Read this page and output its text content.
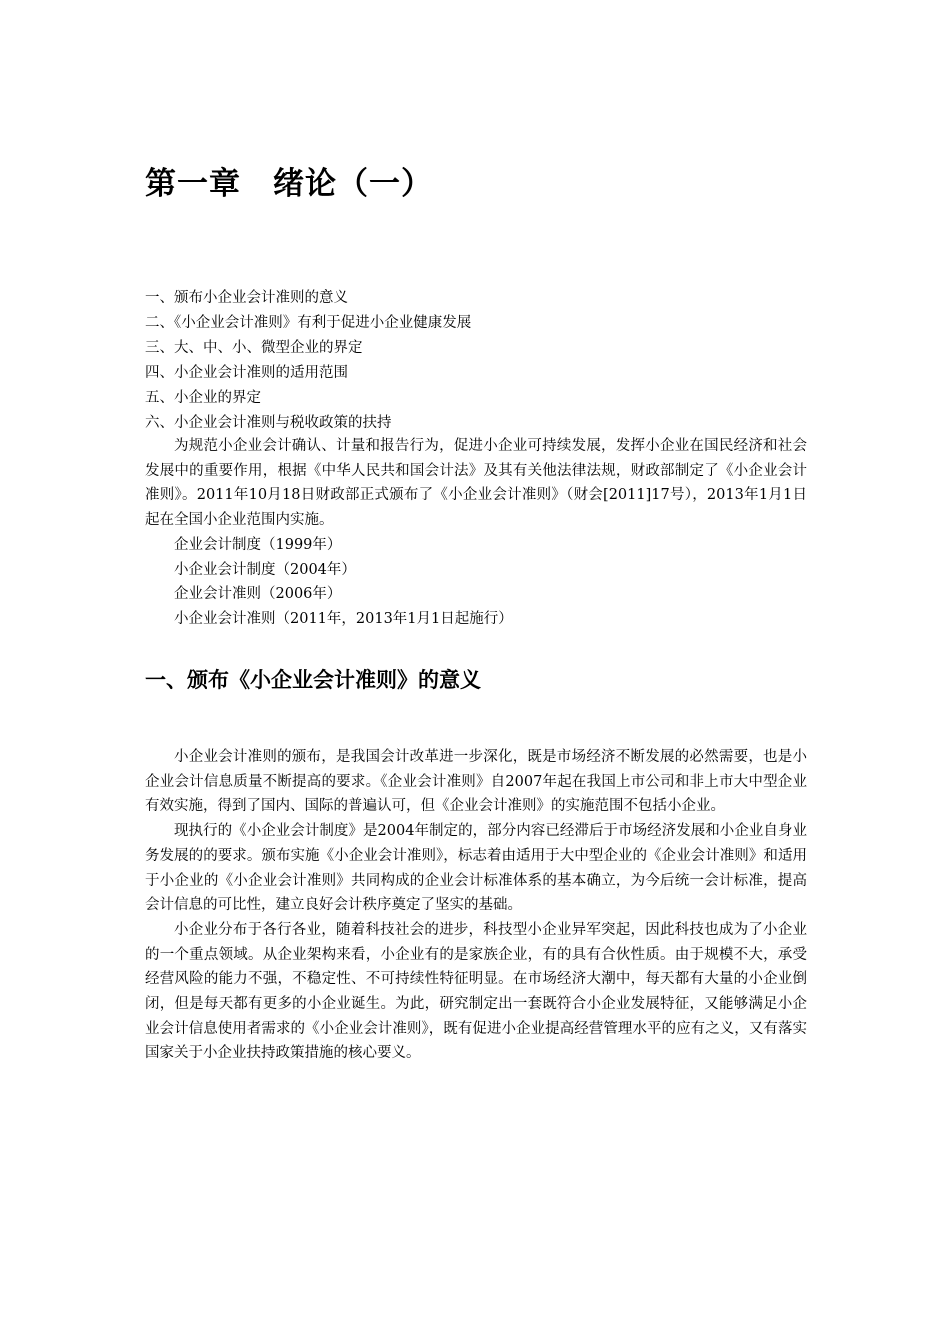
第一章　绪论（一）
一、颁布小企业会计准则的意义
二、《小企业会计准则》有利于促进小企业健康发展
三、大、中、小、微型企业的界定
四、小企业会计准则的适用范围
五、小企业的界定
六、小企业会计准则与税收政策的扶持

为规范小企业会计确认、计量和报告行为，促进小企业可持续发展，发挥小企业在国民经济和社会发展中的重要作用，根据《中华人民共和国会计法》及其有关他法律法规，财政部制定了《小企业会计准则》。2011年10月18日财政部正式颁布了《小企业会计准则》（财会[2011]17号），2013年1月1日起在全国小企业范围内实施。

企业会计制度（1999年）
小企业会计制度（2004年）
企业会计准则（2006年）
小企业会计准则（2011年，2013年1月1日起施行）
一、颁布《小企业会计准则》的意义

小企业会计准则的颁布，是我国会计改革进一步深化，既是市场经济不断发展的必然需要，也是小企业会计信息质量不断提高的要求。《企业会计准则》自2007年起在我国上市公司和非上市大中型企业有效实施，得到了国内、国际的普遍认可，但《企业会计准则》的实施范围不包括小企业。

现执行的《小企业会计制度》是2004年制定的，部分内容已经滞后于市场经济发展和小企业自身业务发展的的要求。颁布实施《小企业会计准则》，标志着由适用于大中型企业的《企业会计准则》和适用于小企业的《小企业会计准则》共同构成的企业会计标准体系的基本确立，为今后统一会计标准，提高会计信息的可比性，建立良好会计秩序奠定了坚实的基础。

小企业分布于各行各业，随着科技社会的进步，科技型小企业异军突起，因此科技也成为了小企业的一个重点领域。从企业架构来看，小企业有的是家族企业，有的具有合伙性质。由于规模不大，承受经营风险的能力不强，不稳定性、不可持续性特征明显。在市场经济大潮中，每天都有大量的小企业倒闭，但是每天都有更多的小企业诞生。为此，研究制定出一套既符合小企业发展特征，又能够满足小企业会计信息使用者需求的《小企业会计准则》，既有促进小企业提高经营管理水平的应有之义，又有落实国家关于小企业扶持政策措施的核心要义。
